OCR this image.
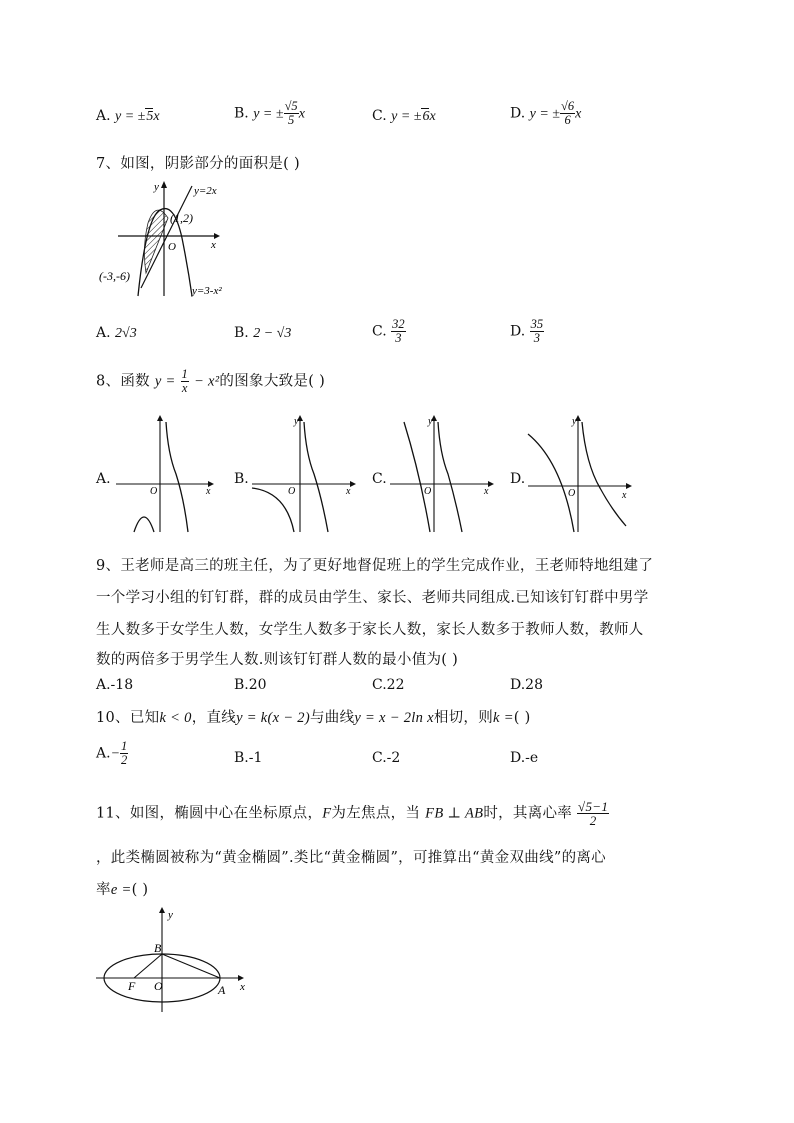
A. y = ±5x	B. y = ± $\frac{√5}{5}$ x	C. y = ±6x	D. y = ± $\frac{√6}{6}$ x
7、如图，阴影部分的面积是( )
y	y=2x
(1,2)
O	x
(-3,-6)
y=3-x²
A. 2√3	B. 2 − √3	C. $\frac{32}{3}$	D. $\frac{35}{3}$
8、函数 $y = \frac{1}{x} - x^2$的图象大致是( )
A.
O	x
B.
y
O	x
C.
y
O	x
D.
y
O	x
9、王老师是高三的班主任，为了更好地督促班上的学生完成作业，王老师特地组建了
一个学习小组的钉钉群，群的成员由学生、家长、老师共同组成.已知该钉钉群中男学
生人数多于女学生人数，女学生人数多于家长人数，家长人数多于教师人数，教师人
数的两倍多于男学生人数.则该钉钉群人数的最小值为( )
A.-18	B.20	C.22	D.28
10、已知k < 0，直线y = k(x − 2)与曲线y = x − 2ln x相切，则k =( )
$A.- \frac{1}{2}$	B.-1	C.-2	D.-e
11、如图，椭圆中心在坐标原点，F为左焦点，当 FB ⊥ AB时，其离心率 $\frac{√5-1}{2}$
，此类椭圆被称为“黄金椭圆”.类比“黄金椭圆”，可推算出“黄金双曲线”的离心
率e =( )
y
B
F O	A x
